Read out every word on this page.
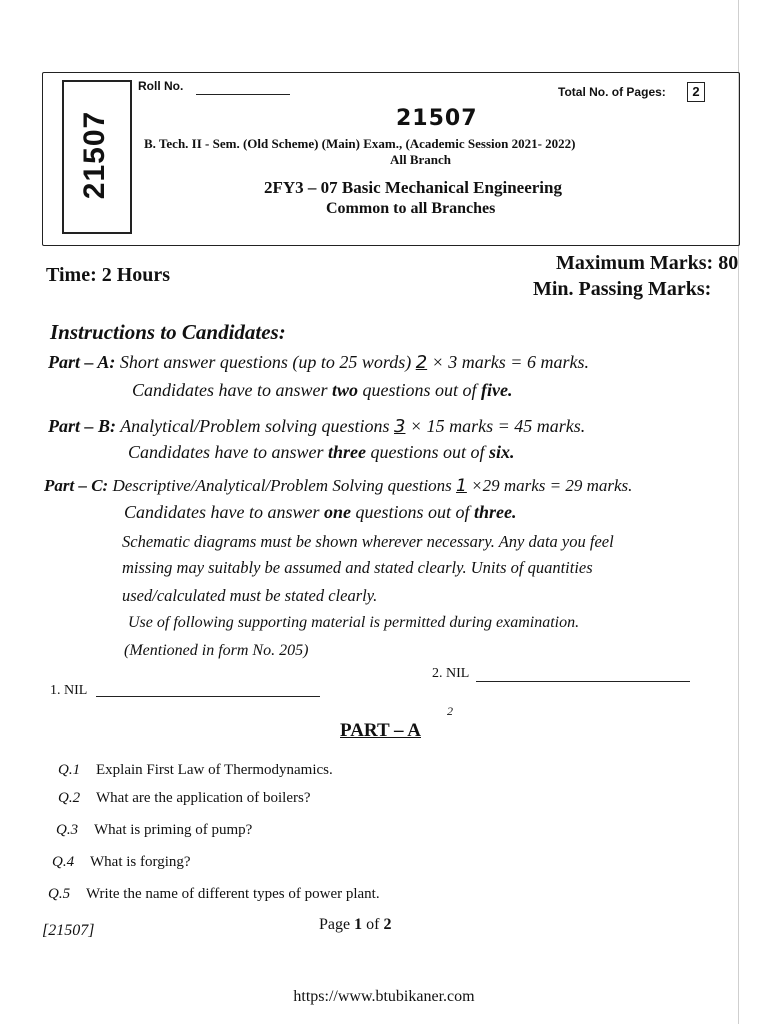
21507
Roll No.	Total No. of Pages:	2
21507
B. Tech. II - Sem. (Old Scheme) (Main) Exam., (Academic Session 2021- 2022)
All Branch
2FY3 – 07 Basic Mechanical Engineering
Common to all Branches
Time: 2 Hours
Maximum Marks: 80
Min. Passing Marks:
Instructions to Candidates:
Part – A: Short answer questions (up to 25 words) 2 × 3 marks = 6 marks.
Candidates have to answer two questions out of five.
Part – B: Analytical/Problem solving questions 3 × 15 marks = 45 marks.
Candidates have to answer three questions out of six.
Part – C: Descriptive/Analytical/Problem Solving questions 1 ×29 marks = 29 marks.
Candidates have to answer one questions out of three.
Schematic diagrams must be shown wherever necessary. Any data you feel
missing may suitably be assumed and stated clearly. Units of quantities
used/calculated must be stated clearly.
Use of following supporting material is permitted during examination.
(Mentioned in form No. 205)
1. NIL
2. NIL
PART – A
2
Q.1 Explain First Law of Thermodynamics.
Q.2 What are the application of boilers?
Q.3 What is priming of pump?
Q.4 What is forging?
Q.5 Write the name of different types of power plant.
[21507]	Page 1 of 2
https://www.btubikaner.com
